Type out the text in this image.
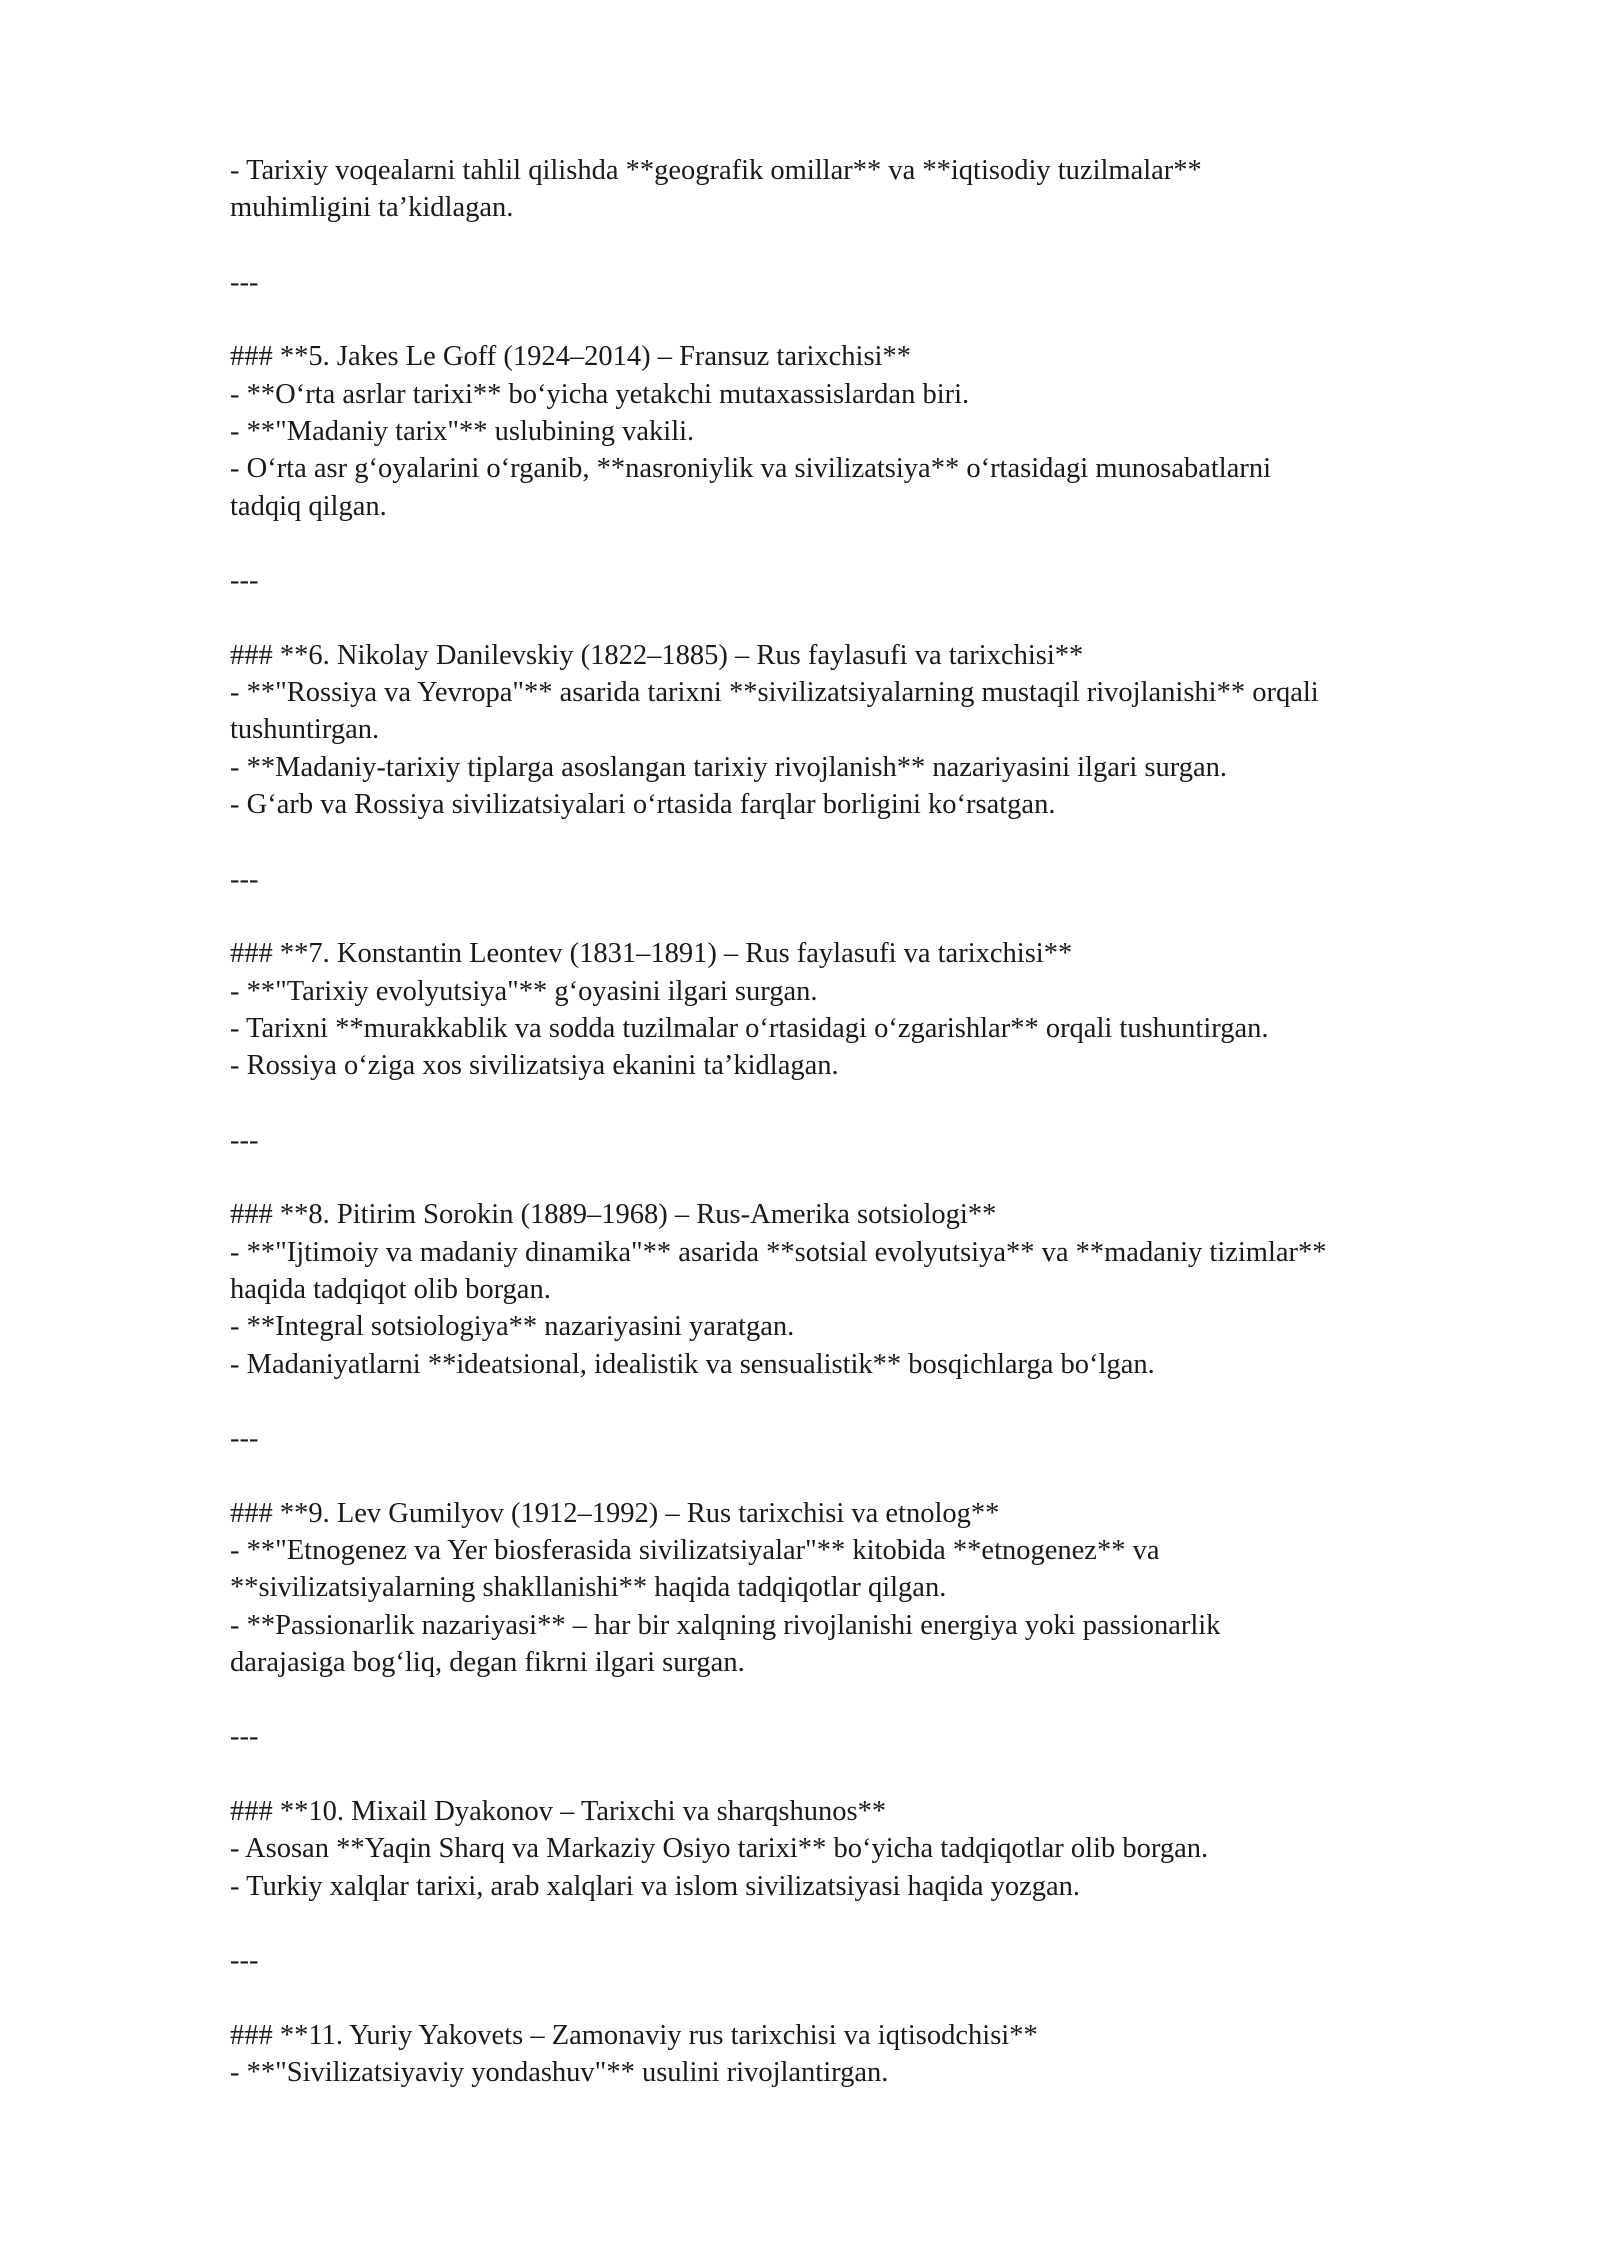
- Tarixiy voqealarni tahlil qilishda **geografik omillar** va **iqtisodiy tuzilmalar**
muhimligini ta’kidlagan.
---
### **5. Jakes Le Goff (1924–2014) – Fransuz tarixchisi**
- **O‘rta asrlar tarixi** bo‘yicha yetakchi mutaxassislardan biri.
- **"Madaniy tarix"** uslubining vakili.
- O‘rta asr g‘oyalarini o‘rganib, **nasroniylik va sivilizatsiya** o‘rtasidagi munosabatlarni
tadqiq qilgan.
---
### **6. Nikolay Danilevskiy (1822–1885) – Rus faylasufi va tarixchisi**
- **"Rossiya va Yevropa"** asarida tarixni **sivilizatsiyalarning mustaqil rivojlanishi** orqali
tushuntirgan.
- **Madaniy-tarixiy tiplarga asoslangan tarixiy rivojlanish** nazariyasini ilgari surgan.
- G‘arb va Rossiya sivilizatsiyalari o‘rtasida farqlar borligini ko‘rsatgan.
---
### **7. Konstantin Leontev (1831–1891) – Rus faylasufi va tarixchisi**
- **"Tarixiy evolyutsiya"** g‘oyasini ilgari surgan.
- Tarixni **murakkablik va sodda tuzilmalar o‘rtasidagi o‘zgarishlar** orqali tushuntirgan.
- Rossiya o‘ziga xos sivilizatsiya ekanini ta’kidlagan.
---
### **8. Pitirim Sorokin (1889–1968) – Rus-Amerika sotsiologi**
- **"Ijtimoiy va madaniy dinamika"** asarida **sotsial evolyutsiya** va **madaniy tizimlar**
haqida tadqiqot olib borgan.
- **Integral sotsiologiya** nazariyasini yaratgan.
- Madaniyatlarni **ideatsional, idealistik va sensualistik** bosqichlarga bo‘lgan.
---
### **9. Lev Gumilyov (1912–1992) – Rus tarixchisi va etnolog**
- **"Etnogenez va Yer biosferasida sivilizatsiyalar"** kitobida **etnogenez** va
**sivilizatsiyalarning shakllanishi** haqida tadqiqotlar qilgan.
- **Passionarlik nazariyasi** – har bir xalqning rivojlanishi energiya yoki passionarlik
darajasiga bog‘liq, degan fikrni ilgari surgan.
---
### **10. Mixail Dyakonov – Tarixchi va sharqshunos**
- Asosan **Yaqin Sharq va Markaziy Osiyo tarixi** bo‘yicha tadqiqotlar olib borgan.
- Turkiy xalqlar tarixi, arab xalqlari va islom sivilizatsiyasi haqida yozgan.
---
### **11. Yuriy Yakovets – Zamonaviy rus tarixchisi va iqtisodchisi**
- **"Sivilizatsiyaviy yondashuv"** usulini rivojlantirgan.
